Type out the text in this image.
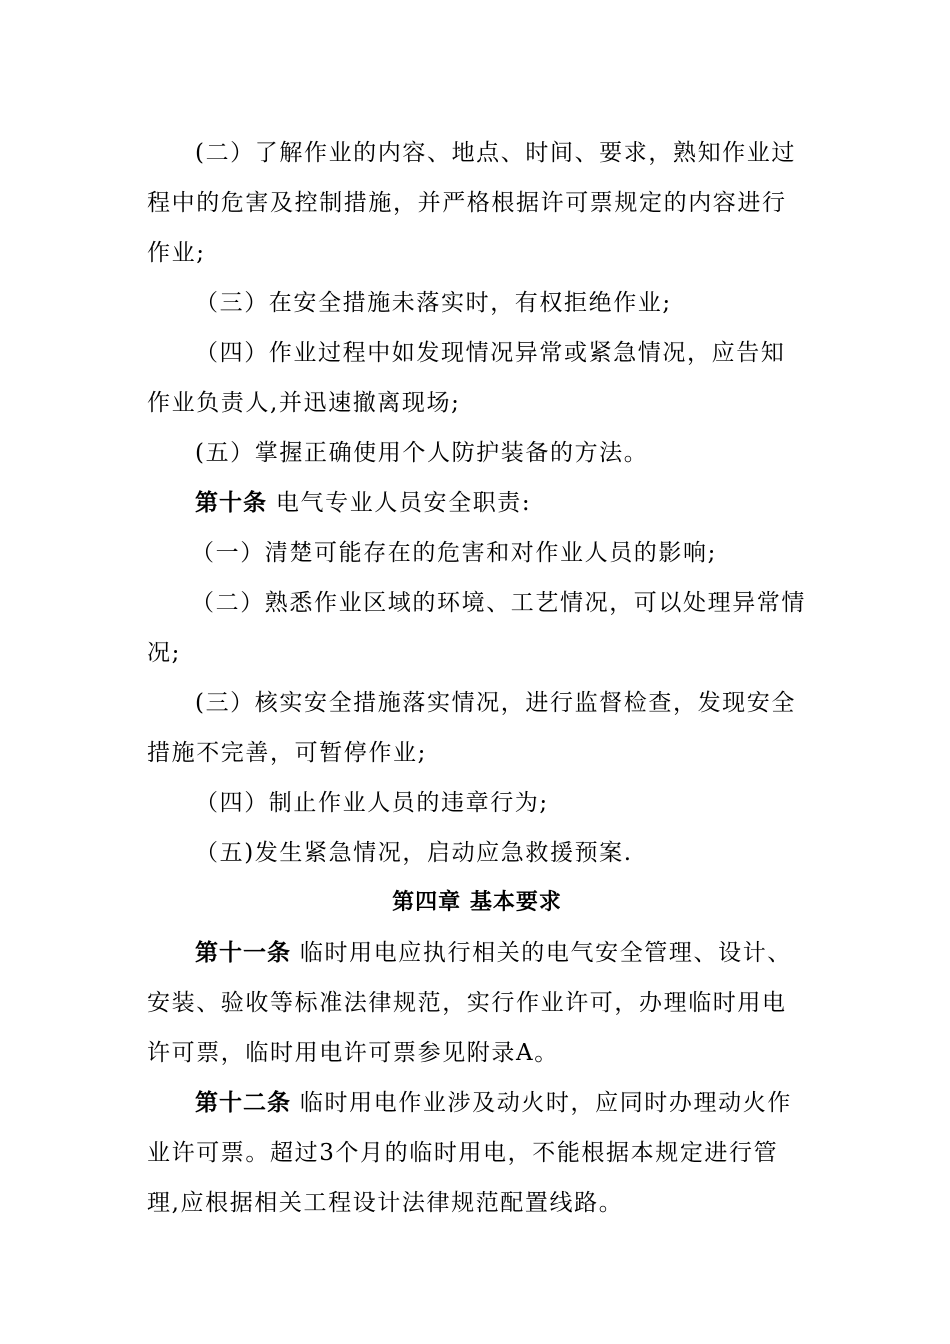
(二）了解作业的内容、地点、时间、要求，熟知作业过程中的危害及控制措施，并严格根据许可票规定的内容进行作业;

（三）在安全措施未落实时，有权拒绝作业;

（四）作业过程中如发现情况异常或紧急情况，应告知作业负责人,并迅速撤离现场;

(五）掌握正确使用个人防护装备的方法。

第十条 电气专业人员安全职责:

（一）清楚可能存在的危害和对作业人员的影响;

（二）熟悉作业区域的环境、工艺情况，可以处理异常情况;

(三）核实安全措施落实情况，进行监督检查，发现安全措施不完善，可暂停作业;

（四）制止作业人员的违章行为;

（五)发生紧急情况，启动应急救援预案.

第四章 基本要求

第十一条 临时用电应执行相关的电气安全管理、设计、安装、验收等标准法律规范，实行作业许可，办理临时用电许可票，临时用电许可票参见附录A。

第十二条 临时用电作业涉及动火时，应同时办理动火作业许可票。超过3个月的临时用电，不能根据本规定进行管理,应根据相关工程设计法律规范配置线路。
